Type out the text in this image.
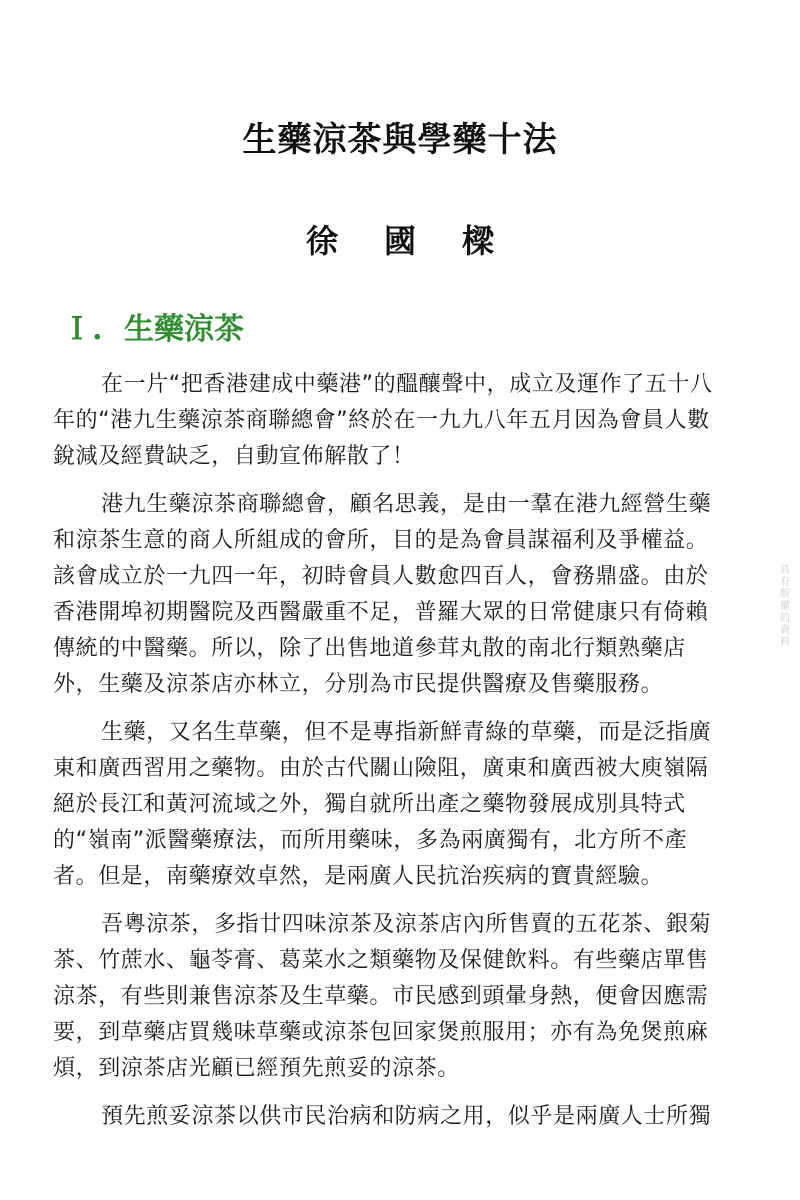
生藥涼茶與學藥十法
徐 國 樑
Ｉ. 生藥涼茶
在一片“把香港建成中藥港”的醞釀聲中，成立及運作了五十八
年的“港九生藥涼茶商聯總會”終於在一九九八年五月因為會員人數
銳減及經費缺乏，自動宣佈解散了！
港九生藥涼茶商聯總會，顧名思義，是由一羣在港九經營生藥
和涼茶生意的商人所組成的會所，目的是為會員謀福利及爭權益。
該會成立於一九四一年，初時會員人數愈四百人，會務鼎盛。由於
香港開埠初期醫院及西醫嚴重不足，普羅大眾的日常健康只有倚賴
傳統的中醫藥。所以，除了出售地道參茸丸散的南北行類熟藥店
外，生藥及涼茶店亦林立，分別為市民提供醫療及售藥服務。
生藥，又名生草藥，但不是專指新鮮青綠的草藥，而是泛指廣
東和廣西習用之藥物。由於古代關山險阻，廣東和廣西被大庾嶺隔
絕於長江和黃河流域之外，獨自就所出產之藥物發展成別具特式
的“嶺南”派醫藥療法，而所用藥味，多為兩廣獨有，北方所不產
者。但是，南藥療效卓然，是兩廣人民抗治疾病的寶貴經驗。
吾粵涼茶，多指廿四味涼茶及涼茶店內所售賣的五花茶、銀菊
茶、竹蔗水、龜苓膏、葛菜水之類藥物及保健飲料。有些藥店單售
涼茶，有些則兼售涼茶及生草藥。市民感到頭暈身熱，便會因應需
要，到草藥店買幾味草藥或涼茶包回家煲煎服用；亦有為免煲煎麻
煩，到涼茶店光顧已經預先煎妥的涼茶。
預先煎妥涼茶以供市民治病和防病之用，似乎是兩廣人士所獨
具有版權的資料
